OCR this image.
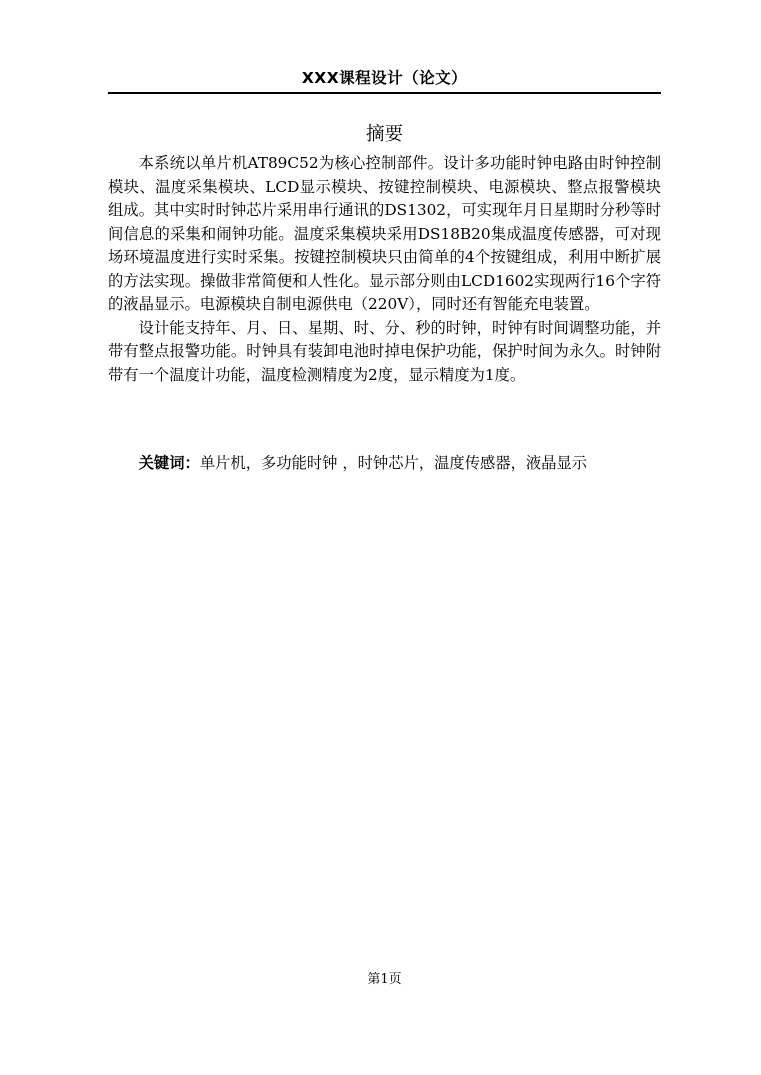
XXX课程设计（论文）
摘要

本系统以单片机AT89C52为核心控制部件。设计多功能时钟电路由时钟控制模块、温度采集模块、LCD显示模块、按键控制模块、电源模块、整点报警模块组成。其中实时时钟芯片采用串行通讯的DS1302，可实现年月日星期时分秒等时间信息的采集和闹钟功能。温度采集模块采用DS18B20集成温度传感器，可对现场环境温度进行实时采集。按键控制模块只由简单的4个按键组成，利用中断扩展的方法实现。操做非常简便和人性化。显示部分则由LCD1602实现两行16个字符的液晶显示。电源模块自制电源供电（220V），同时还有智能充电装置。

设计能支持年、月、日、星期、时、分、秒的时钟，时钟有时间调整功能，并带有整点报警功能。时钟具有装卸电池时掉电保护功能，保护时间为永久。时钟附带有一个温度计功能，温度检测精度为2度，显示精度为1度。

关键词：单片机，多功能时钟 ，时钟芯片，温度传感器，液晶显示
第1页
